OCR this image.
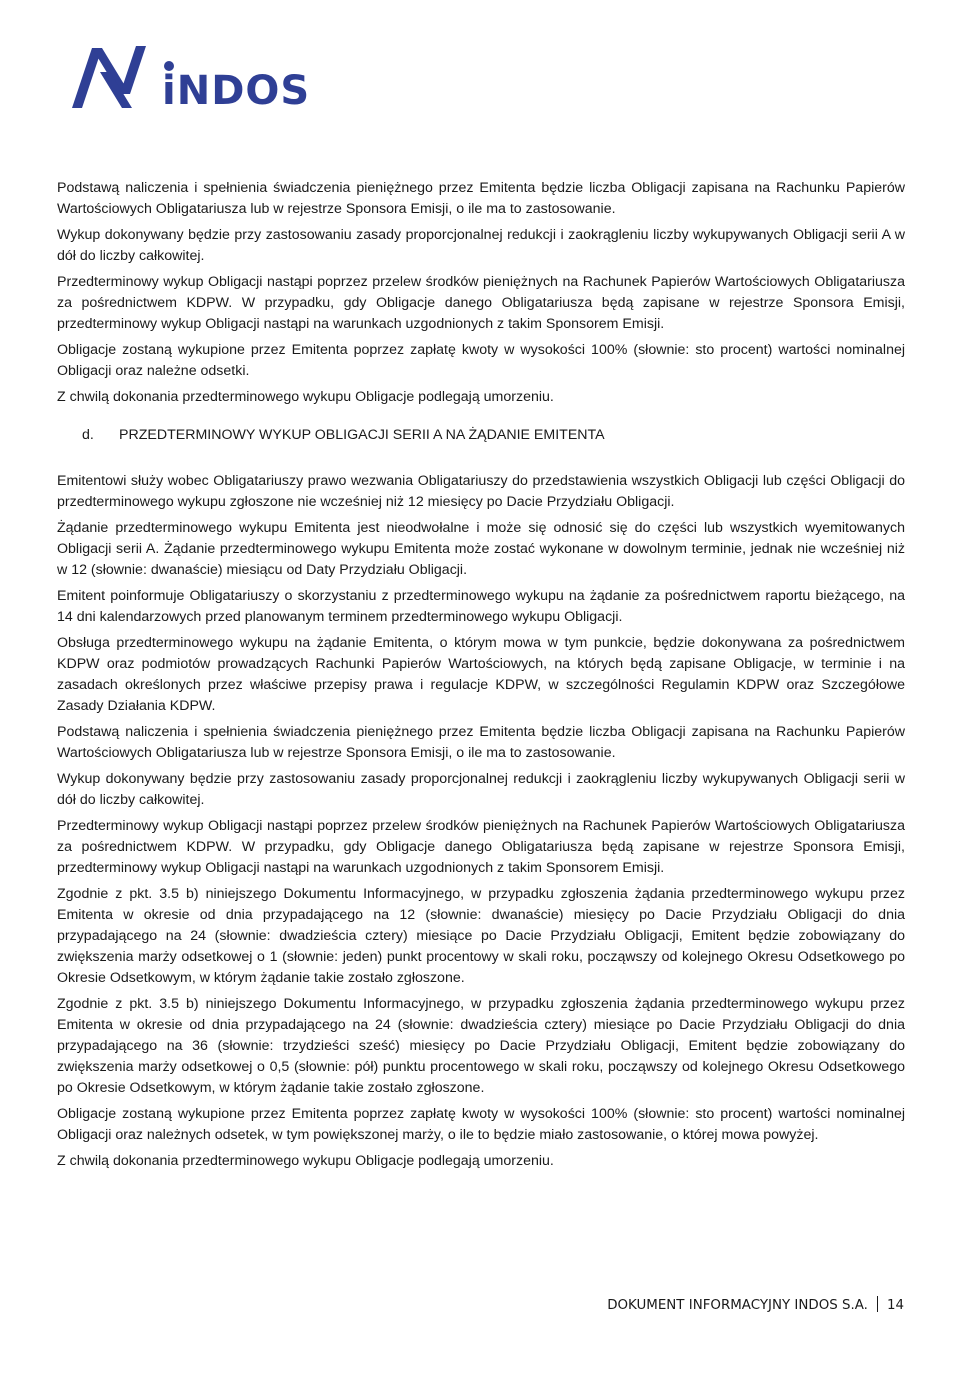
iNDOS

Podstawą naliczenia i spełnienia świadczenia pieniężnego przez Emitenta będzie liczba Obligacji zapisana na Rachunku Papierów Wartościowych Obligatariusza lub w rejestrze Sponsora Emisji, o ile ma to zastosowanie.

Wykup dokonywany będzie przy zastosowaniu zasady proporcjonalnej redukcji i zaokrągleniu liczby wykupywanych Obligacji serii A w dół do liczby całkowitej.

Przedterminowy wykup Obligacji nastąpi poprzez przelew środków pieniężnych na Rachunek Papierów Wartościowych Obligatariusza za pośrednictwem KDPW. W przypadku, gdy Obligacje danego Obligatariusza będą zapisane w rejestrze Sponsora Emisji, przedterminowy wykup Obligacji nastąpi na warunkach uzgodnionych z takim Sponsorem Emisji.

Obligacje zostaną wykupione przez Emitenta poprzez zapłatę kwoty w wysokości 100% (słownie: sto procent) wartości nominalnej Obligacji oraz należne odsetki.

Z chwilą dokonania przedterminowego wykupu Obligacje podlegają umorzeniu.

d. PRZEDTERMINOWY WYKUP OBLIGACJI SERII A NA ŻĄDANIE EMITENTA

Emitentowi służy wobec Obligatariuszy prawo wezwania Obligatariuszy do przedstawienia wszystkich Obligacji lub części Obligacji do przedterminowego wykupu zgłoszone nie wcześniej niż 12 miesięcy po Dacie Przydziału Obligacji.

Żądanie przedterminowego wykupu Emitenta jest nieodwołalne i może się odnosić się do części lub wszystkich wyemitowanych Obligacji serii A. Żądanie przedterminowego wykupu Emitenta może zostać wykonane w dowolnym terminie, jednak nie wcześniej niż w 12 (słownie: dwanaście) miesiącu od Daty Przydziału Obligacji.

Emitent poinformuje Obligatariuszy o skorzystaniu z przedterminowego wykupu na żądanie za pośrednictwem raportu bieżącego, na 14 dni kalendarzowych przed planowanym terminem przedterminowego wykupu Obligacji.

Obsługa przedterminowego wykupu na żądanie Emitenta, o którym mowa w tym punkcie, będzie dokonywana za pośrednictwem KDPW oraz podmiotów prowadzących Rachunki Papierów Wartościowych, na których będą zapisane Obligacje, w terminie i na zasadach określonych przez właściwe przepisy prawa i regulacje KDPW, w szczególności Regulamin KDPW oraz Szczegółowe Zasady Działania KDPW.

Podstawą naliczenia i spełnienia świadczenia pieniężnego przez Emitenta będzie liczba Obligacji zapisana na Rachunku Papierów Wartościowych Obligatariusza lub w rejestrze Sponsora Emisji, o ile ma to zastosowanie.

Wykup dokonywany będzie przy zastosowaniu zasady proporcjonalnej redukcji i zaokrągleniu liczby wykupywanych Obligacji serii w dół do liczby całkowitej.

Przedterminowy wykup Obligacji nastąpi poprzez przelew środków pieniężnych na Rachunek Papierów Wartościowych Obligatariusza za pośrednictwem KDPW. W przypadku, gdy Obligacje danego Obligatariusza będą zapisane w rejestrze Sponsora Emisji, przedterminowy wykup Obligacji nastąpi na warunkach uzgodnionych z takim Sponsorem Emisji.

Zgodnie z pkt. 3.5 b) niniejszego Dokumentu Informacyjnego, w przypadku zgłoszenia żądania przedterminowego wykupu przez Emitenta w okresie od dnia przypadającego na 12 (słownie: dwanaście) miesięcy po Dacie Przydziału Obligacji do dnia przypadającego na 24 (słownie: dwadzieścia cztery) miesiące po Dacie Przydziału Obligacji, Emitent będzie zobowiązany do zwiększenia marży odsetkowej o 1 (słownie: jeden) punkt procentowy w skali roku, począwszy od kolejnego Okresu Odsetkowego po Okresie Odsetkowym, w którym żądanie takie zostało zgłoszone.

Zgodnie z pkt. 3.5 b) niniejszego Dokumentu Informacyjnego, w przypadku zgłoszenia żądania przedterminowego wykupu przez Emitenta w okresie od dnia przypadającego na 24 (słownie: dwadzieścia cztery) miesiące po Dacie Przydziału Obligacji do dnia przypadającego na 36 (słownie: trzydzieści sześć) miesięcy po Dacie Przydziału Obligacji, Emitent będzie zobowiązany do zwiększenia marży odsetkowej o 0,5 (słownie: pół) punktu procentowego w skali roku, począwszy od kolejnego Okresu Odsetkowego po Okresie Odsetkowym, w którym żądanie takie zostało zgłoszone.

Obligacje zostaną wykupione przez Emitenta poprzez zapłatę kwoty w wysokości 100% (słownie: sto procent) wartości nominalnej Obligacji oraz należnych odsetek, w tym powiększonej marży, o ile to będzie miało zastosowanie, o której mowa powyżej.

Z chwilą dokonania przedterminowego wykupu Obligacje podlegają umorzeniu.

DOKUMENT INFORMACYJNY INDOS S.A. 14
